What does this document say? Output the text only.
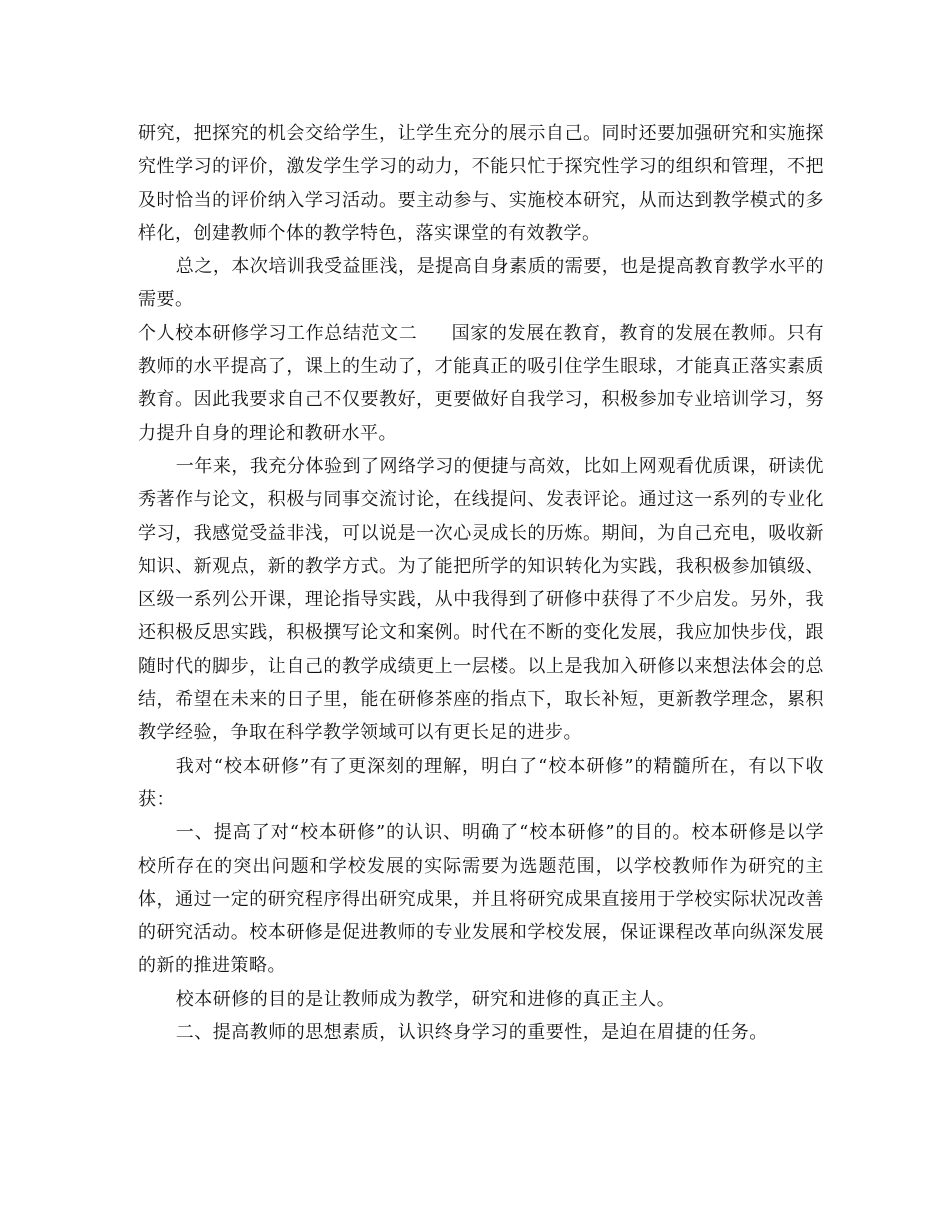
研究，把探究的机会交给学生，让学生充分的展示自己。同时还要加强研究和实施探究性学习的评价，激发学生学习的动力，不能只忙于探究性学习的组织和管理，不把及时恰当的评价纳入学习活动。要主动参与、实施校本研究，从而达到教学模式的多样化，创建教师个体的教学特色，落实课堂的有效教学。

总之，本次培训我受益匪浅，是提高自身素质的需要，也是提高教育教学水平的需要。

个人校本研修学习工作总结范文二 国家的发展在教育，教育的发展在教师。只有教师的水平提高了，课上的生动了，才能真正的吸引住学生眼球，才能真正落实素质教育。因此我要求自己不仅要教好，更要做好自我学习，积极参加专业培训学习，努力提升自身的理论和教研水平。

一年来，我充分体验到了网络学习的便捷与高效，比如上网观看优质课，研读优秀著作与论文，积极与同事交流讨论，在线提问、发表评论。通过这一系列的专业化学习，我感觉受益非浅，可以说是一次心灵成长的历炼。期间，为自己充电，吸收新知识、新观点，新的教学方式。为了能把所学的知识转化为实践，我积极参加镇级、区级一系列公开课，理论指导实践，从中我得到了研修中获得了不少启发。另外，我还积极反思实践，积极撰写论文和案例。时代在不断的变化发展，我应加快步伐，跟随时代的脚步，让自己的教学成绩更上一层楼。以上是我加入研修以来想法体会的总结，希望在未来的日子里，能在研修茶座的指点下，取长补短，更新教学理念，累积教学经验，争取在科学教学领域可以有更长足的进步。

我对“校本研修”有了更深刻的理解，明白了“校本研修”的精髓所在，有以下收获：

一、提高了对“校本研修”的认识、明确了“校本研修”的目的。校本研修是以学校所存在的突出问题和学校发展的实际需要为选题范围，以学校教师作为研究的主体，通过一定的研究程序得出研究成果，并且将研究成果直接用于学校实际状况改善的研究活动。校本研修是促进教师的专业发展和学校发展，保证课程改革向纵深发展的新的推进策略。

校本研修的目的是让教师成为教学，研究和进修的真正主人。

二、提高教师的思想素质，认识终身学习的重要性，是迫在眉捷的任务。
